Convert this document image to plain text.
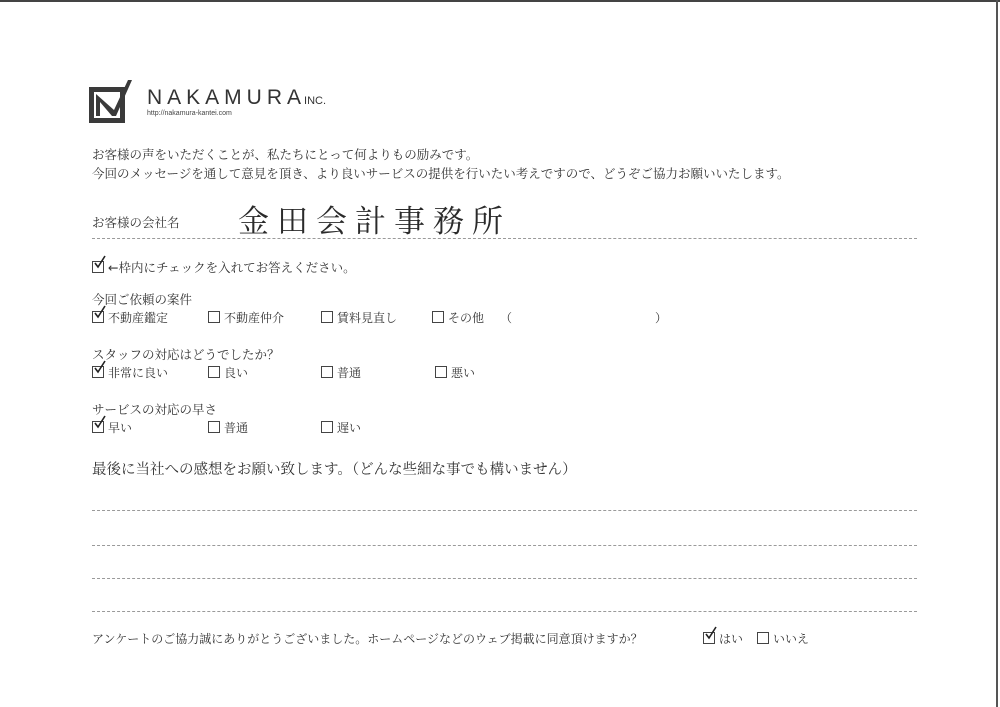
NAKAMURAINC.
http://nakamura-kantei.com
お客様の声をいただくことが、私たちにとって何よりもの励みです。
今回のメッセージを通して意見を頂き、より良いサービスの提供を行いたい考えですので、どうぞご協力お願いいたします。
お客様の会社名 金田会計事務所
←枠内にチェックを入れてお答えください。
今回ご依頼の案件
不動産鑑定	不動産仲介	賃料見直し	その他 （	）
スタッフの対応はどうでしたか？
非常に良い	良い	普通	悪い
サービスの対応の早さ
早い	普通	遅い
最後に当社への感想をお願い致します。（どんな些細な事でも構いません）
アンケートのご協力誠にありがとうございました。ホームページなどのウェブ掲載に同意頂けますか？	はい	いいえ
